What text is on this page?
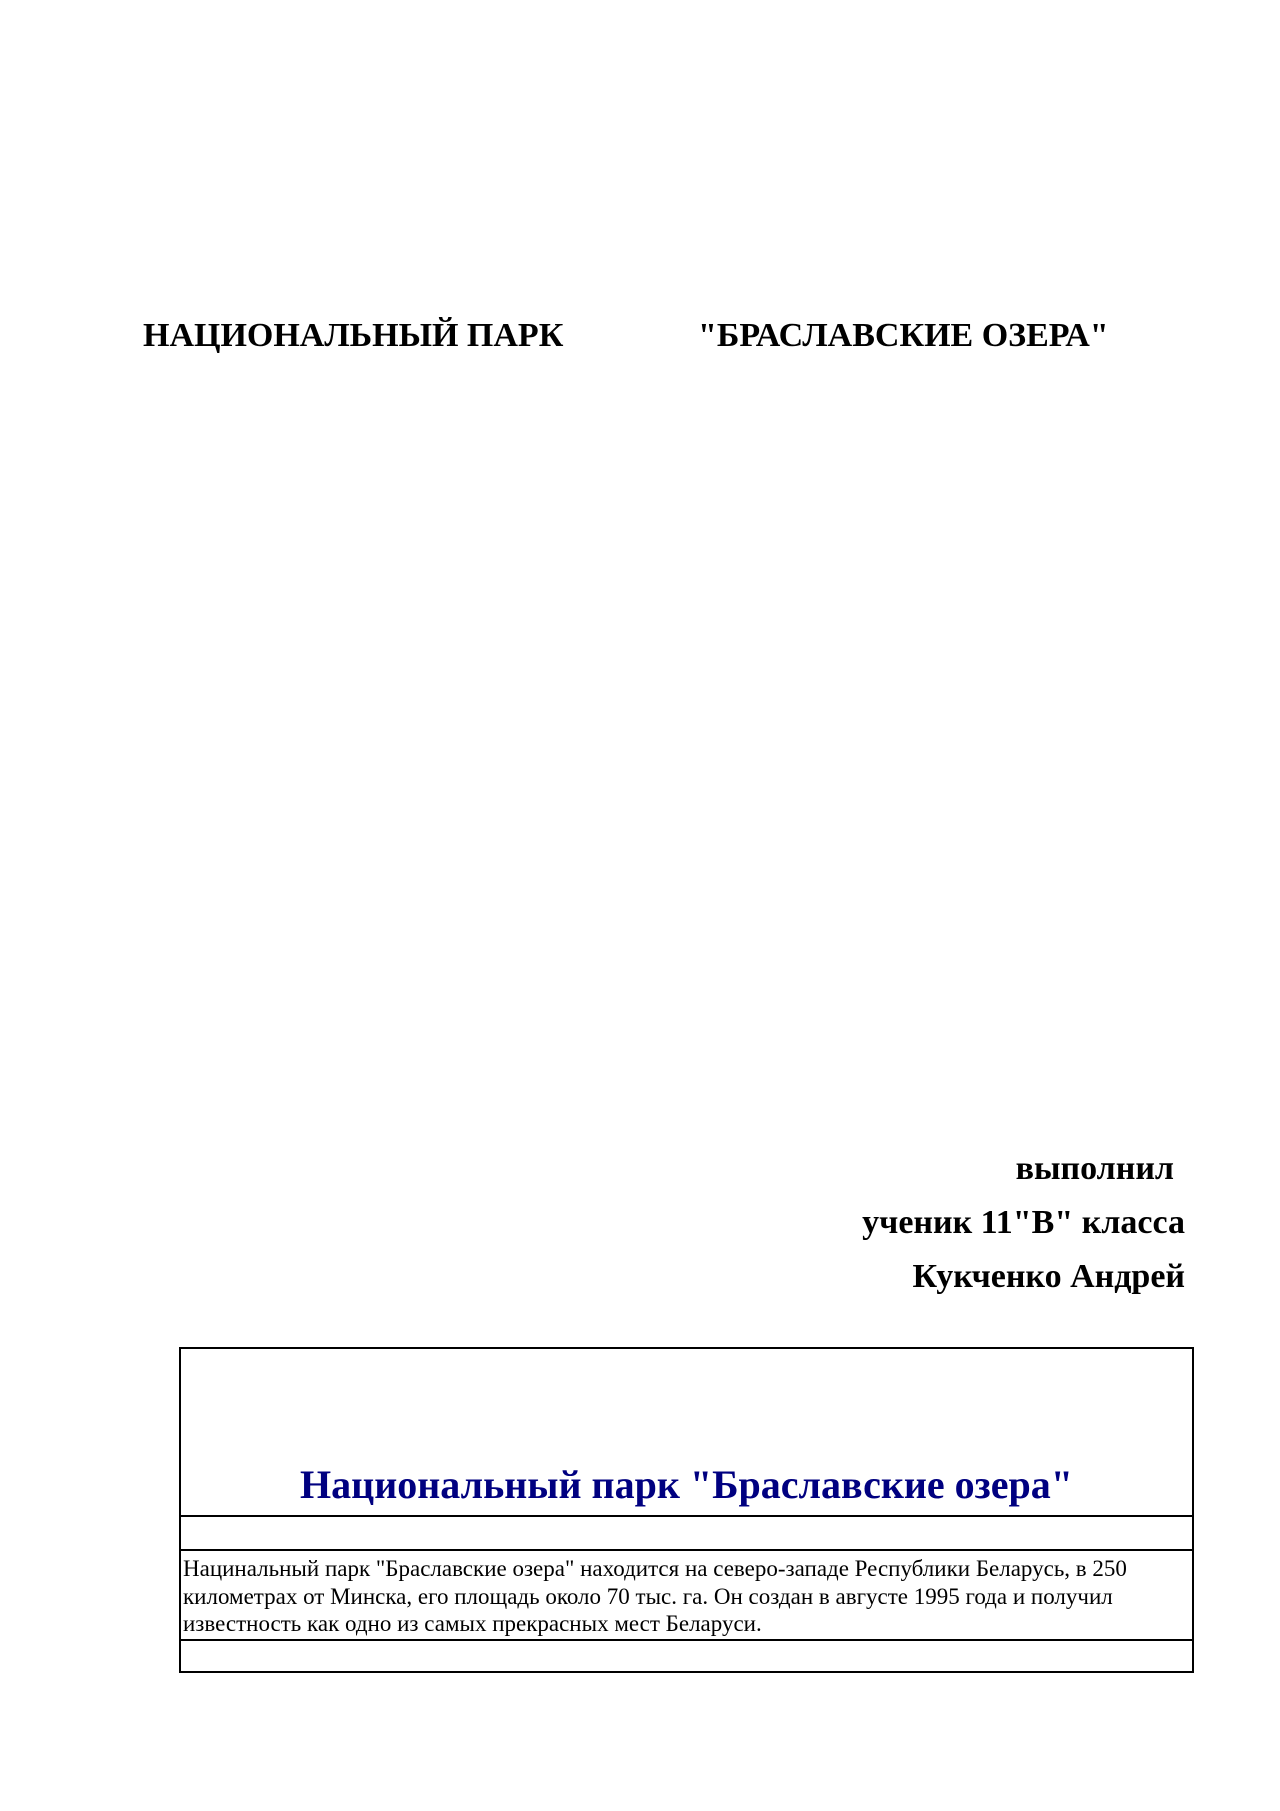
НАЦИОНАЛЬНЫЙ ПАРК	"БРАСЛАВСКИЕ ОЗЕРА"
выполнил
ученик 11"В" класса
Кукченко Андрей
Национальный парк "Браславские озера"
Нацинальный парк "Браславские озера" находится на северо-западе Республики Беларусь, в 250 километрах от Минска, его площадь около 70 тыс. га. Он создан в августе 1995 года и получил известность как одно из самых прекрасных мест Беларуси.
